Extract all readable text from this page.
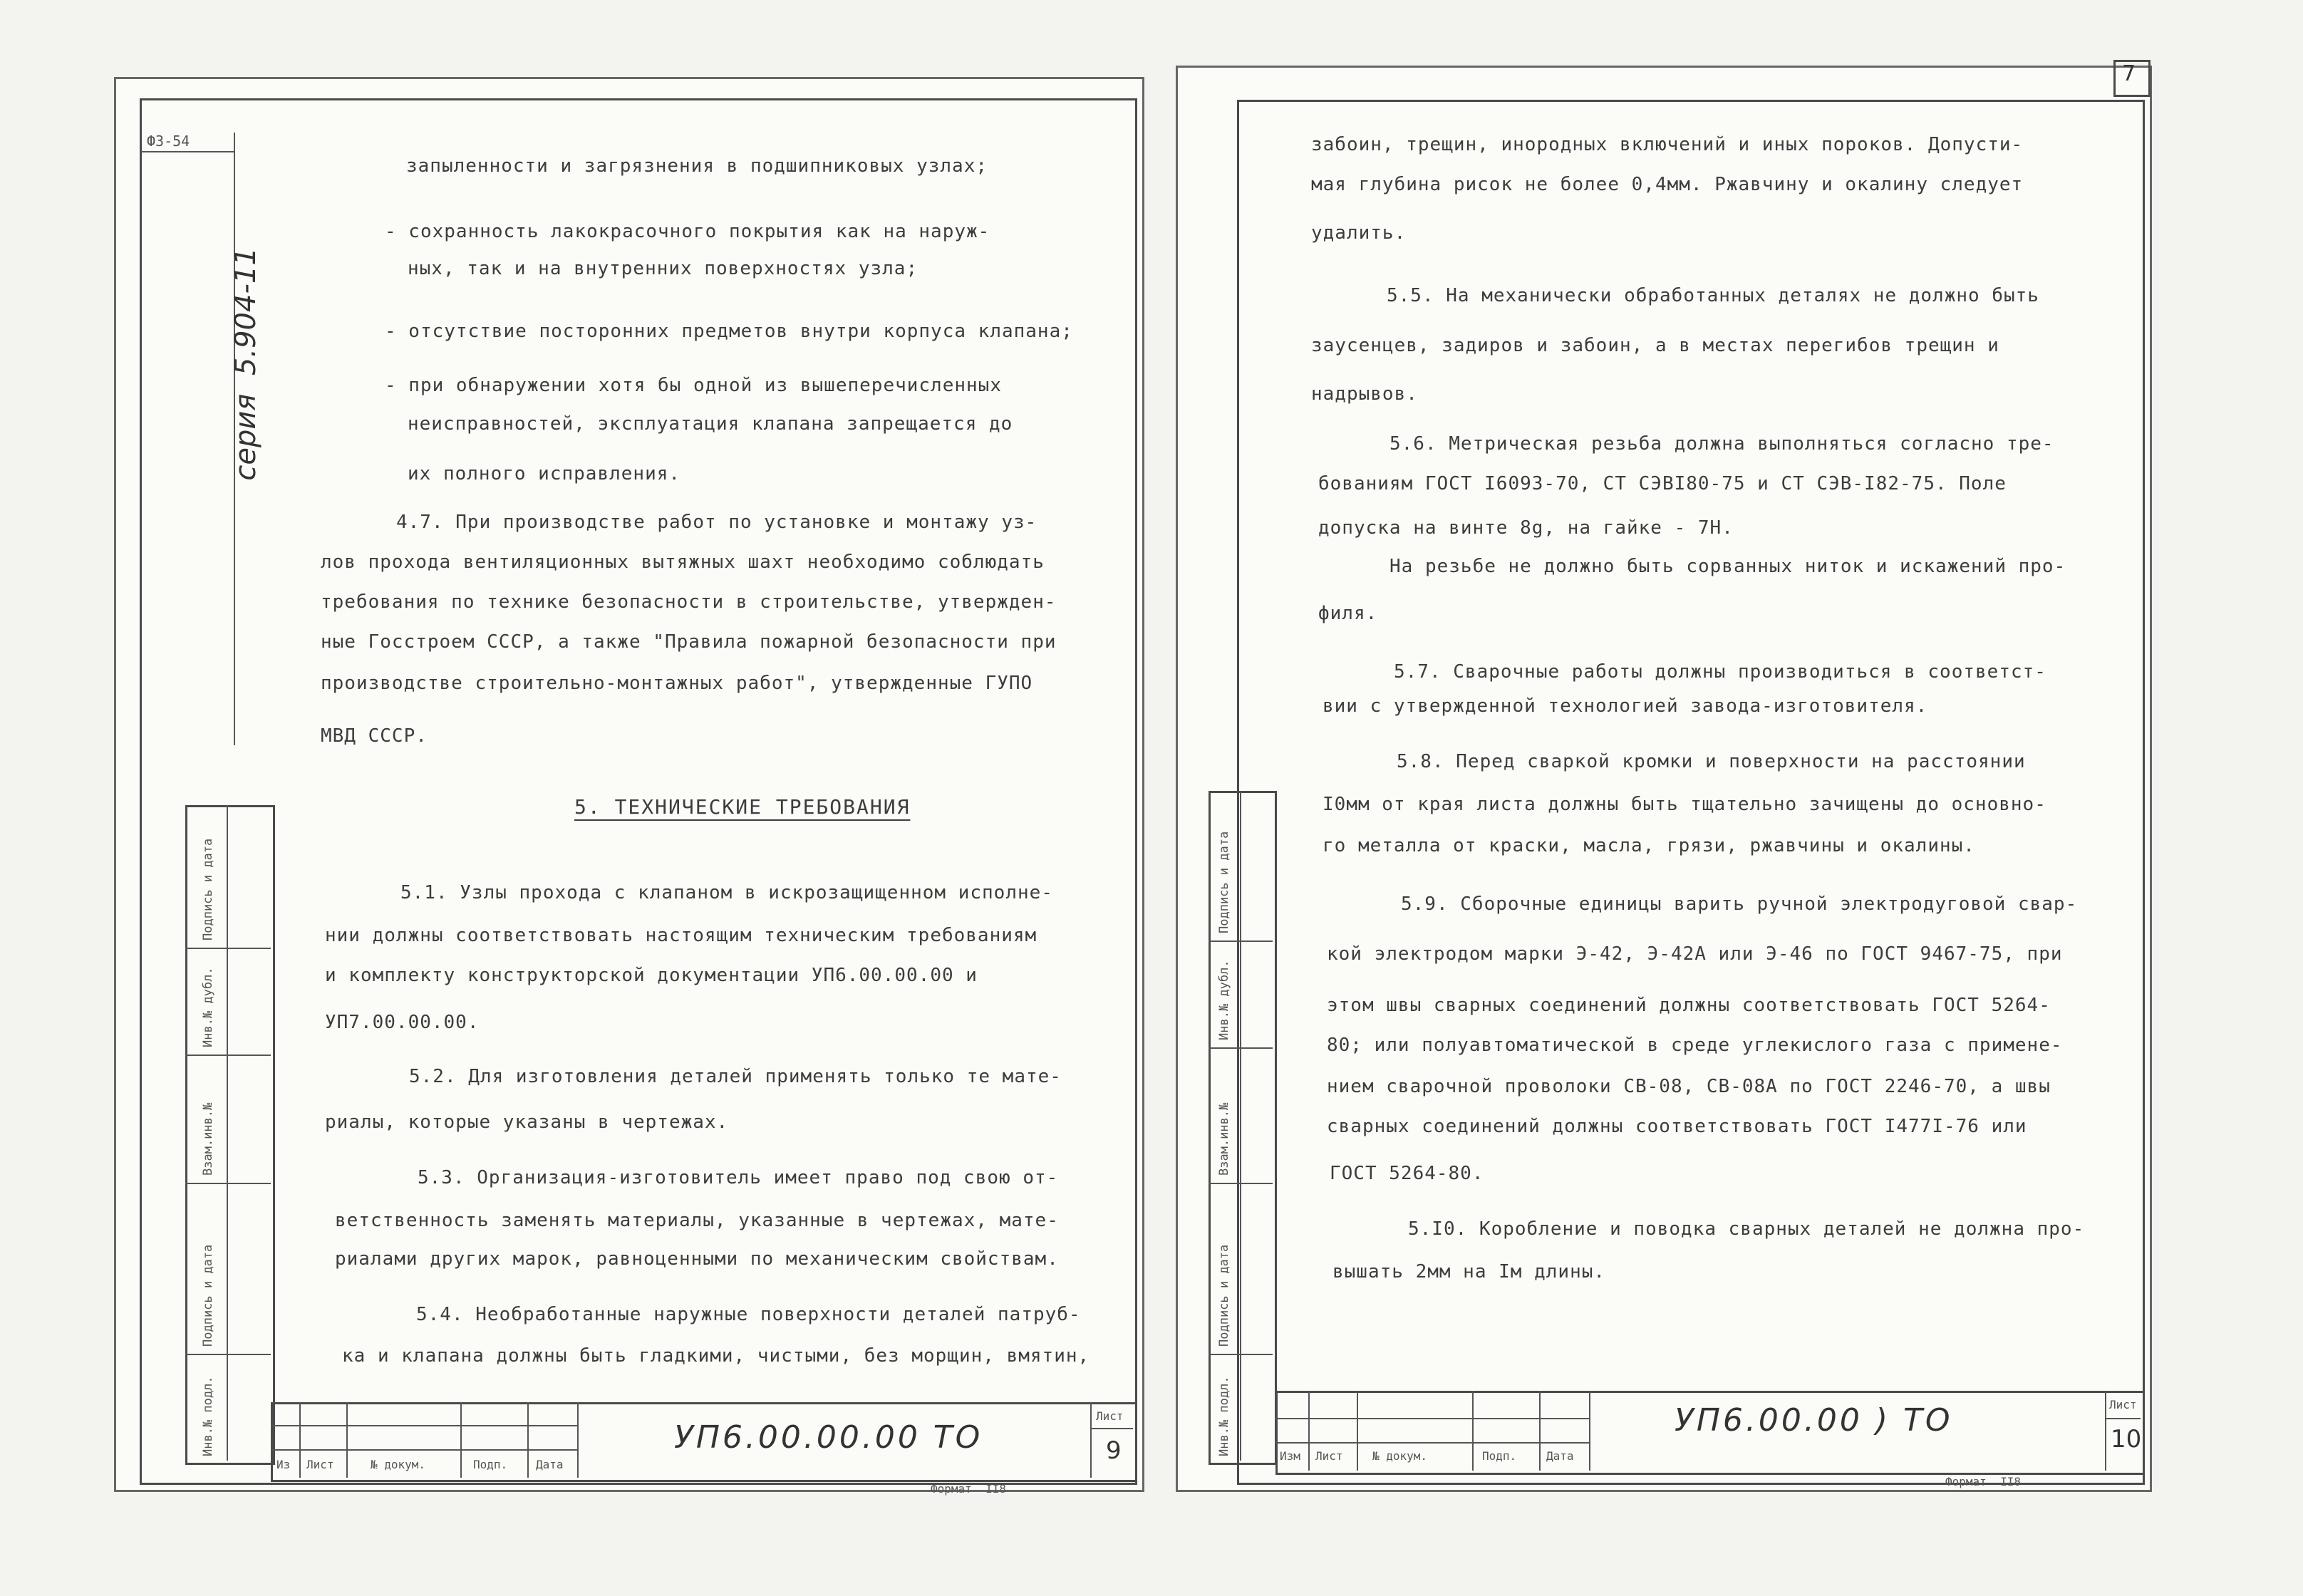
ФЗ-54

серия  5.904-11

Подпись и дата
Инв.№ дубл.
Взам.инв.№
Подпись и дата
Инв.№ подл.
запыленности и загрязнения в подшипниковых узлах;
- сохранность лакокрасочного покрытия как на наруж-
ных, так и на внутренних поверхностях узла;
- отсутствие посторонних предметов внутри корпуса клапана;
- при обнаружении хотя бы одной из вышеперечисленных
неисправностей, эксплуатация клапана запрещается до
их полного исправления.
4.7. При производстве работ по установке и монтажу уз-
лов прохода вентиляционных вытяжных шахт необходимо соблюдать
требования по технике безопасности в строительстве, утвержден-
ные Госстроем СССР, а также "Правила пожарной безопасности при
производстве строительно-монтажных работ", утвержденные ГУПО
МВД СССР.
5. ТЕХНИЧЕСКИЕ ТРЕБОВАНИЯ
5.1. Узлы прохода с клапаном в искрозащищенном исполне-
нии должны соответствовать настоящим техническим требованиям
и комплекту конструкторской документации УП6.00.00.00 и
УП7.00.00.00.
5.2. Для изготовления деталей применять только те мате-
риалы, которые указаны в чертежах.
5.3. Организация-изготовитель имеет право под свою от-
ветственность заменять материалы, указанные в чертежах, мате-
риалами других марок, равноценными по механическим свойствам.
5.4. Необработанные наружные поверхности деталей патруб-
ка и клапана должны быть гладкими, чистыми, без морщин, вмятин,
Из Лист	№ докум.	Подп. Дата
УП6.00.00.00 ТО
Лист
9
Формат  II8
7
Подпись и дата
Инв.№ дубл.
Взам.инв.№
Подпись и дата
Инв.№ подл.
забоин, трещин, инородных включений и иных пороков. Допусти-
мая глубина рисок не более 0,4мм. Ржавчину и окалину следует
удалить.
5.5. На механически обработанных деталях не должно быть
заусенцев, задиров и забоин, а в местах перегибов трещин и
надрывов.
5.6. Метрическая резьба должна выполняться согласно тре-
бованиям ГОСТ I6093-70, СТ СЭВI80-75 и СТ СЭВ-I82-75. Поле
допуска на винте 8g, на гайке - 7Н.
На резьбе не должно быть сорванных ниток и искажений про-
филя.
5.7. Сварочные работы должны производиться в соответст-
вии с утвержденной технологией завода-изготовителя.
5.8. Перед сваркой кромки и поверхности на расстоянии
I0мм от края листа должны быть тщательно зачищены до основно-
го металла от краски, масла, грязи, ржавчины и окалины.
5.9. Сборочные единицы варить ручной электродуговой свар-
кой электродом марки Э-42, Э-42А или Э-46 по ГОСТ 9467-75, при
этом швы сварных соединений должны соответствовать ГОСТ 5264-
80; или полуавтоматической в среде углекислого газа с примене-
нием сварочной проволоки СВ-08, СВ-08А по ГОСТ 2246-70, а швы
сварных соединений должны соответствовать ГОСТ I477I-76 или
ГОСТ 5264-80.
5.I0. Коробление и поводка сварных деталей не должна про-
вышать 2мм на Iм длины.
Изм Лист	№ докум.	Подп.	Дата
УП6.00.00 ) ТО	Лист
10
Формат  II8
